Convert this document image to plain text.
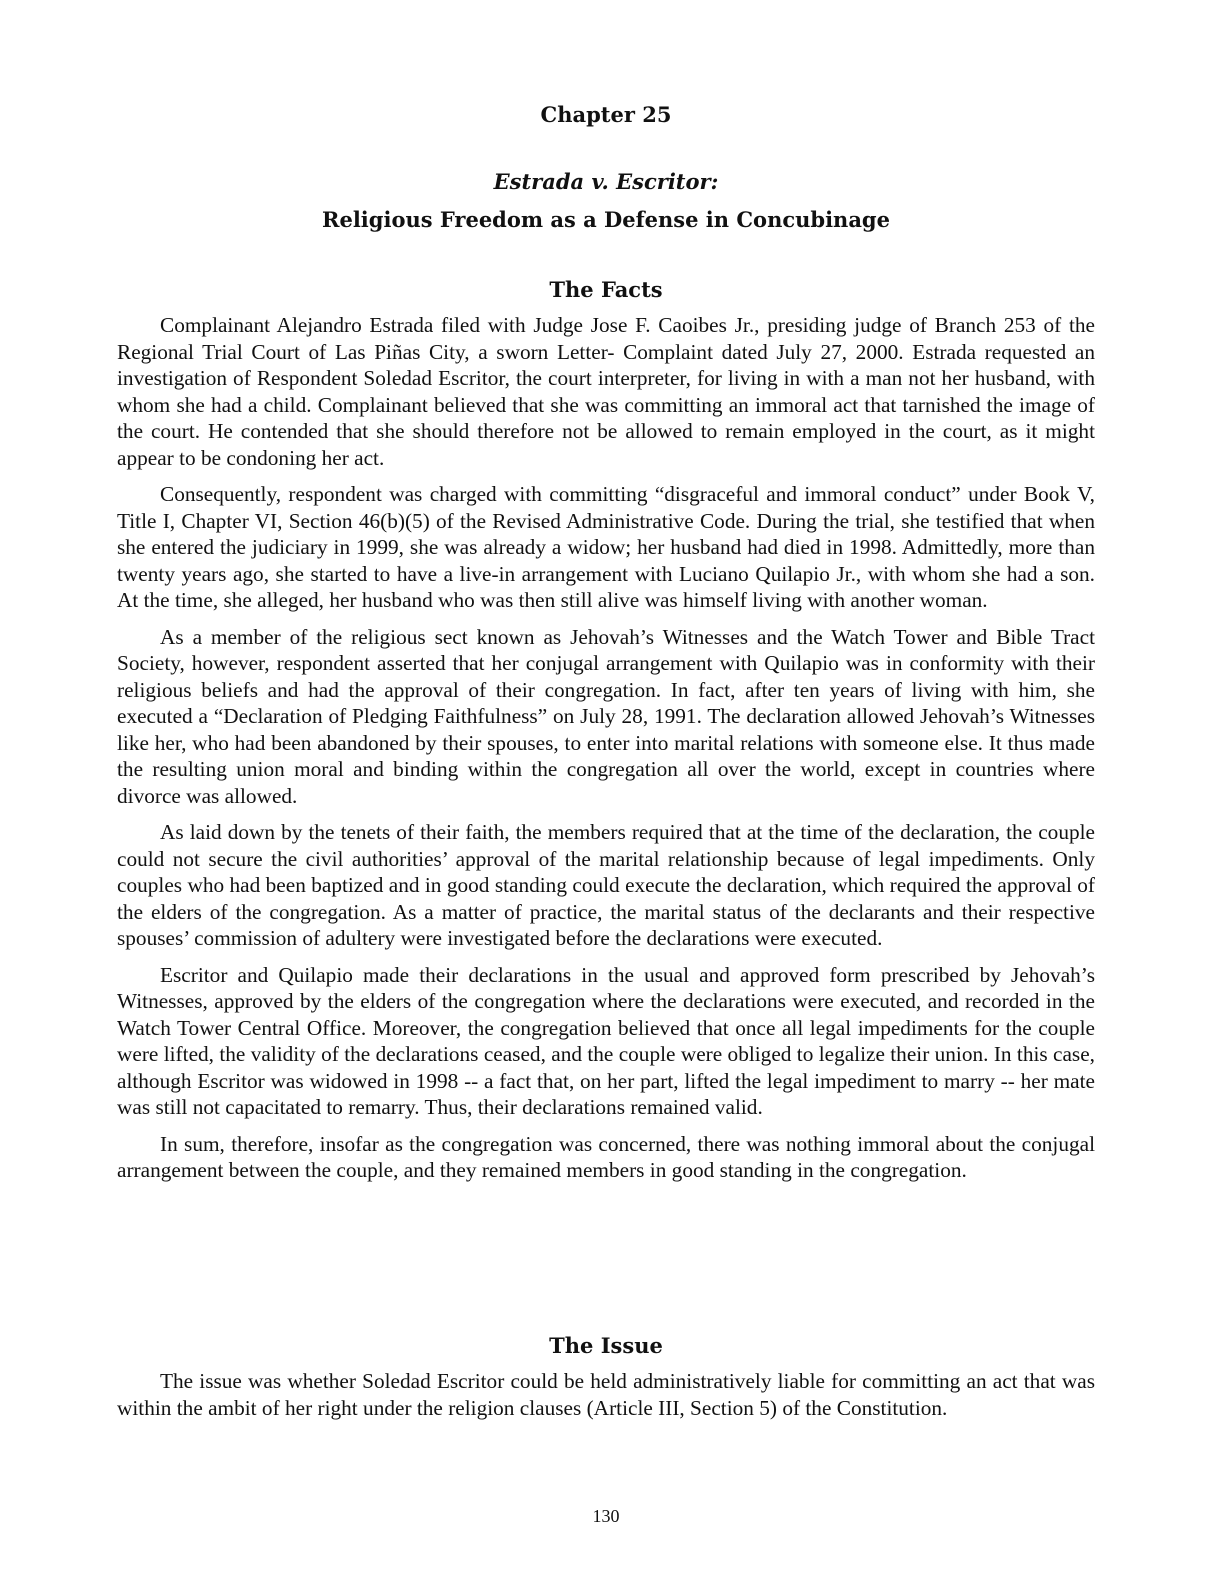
Chapter 25
Estrada v. Escritor:
Religious Freedom as a Defense in Concubinage
The Facts

Complainant Alejandro Estrada filed with Judge Jose F. Caoibes Jr., presiding judge of Branch 253 of the Regional Trial Court of Las Piñas City, a sworn Letter- Complaint dated July 27, 2000. Estrada requested an investigation of Respondent Soledad Escritor, the court interpreter, for living in with a man not her husband, with whom she had a child. Complainant believed that she was committing an immoral act that tarnished the image of the court. He contended that she should therefore not be allowed to remain employed in the court, as it might appear to be condoning her act.

Consequently, respondent was charged with committing “disgraceful and immoral conduct” under Book V, Title I, Chapter VI, Section 46(b)(5) of the Revised Administrative Code. During the trial, she testified that when she entered the judiciary in 1999, she was already a widow; her husband had died in 1998. Admittedly, more than twenty years ago, she started to have a live-in arrangement with Luciano Quilapio Jr., with whom she had a son. At the time, she alleged, her husband who was then still alive was himself living with another woman.

As a member of the religious sect known as Jehovah’s Witnesses and the Watch Tower and Bible Tract Society, however, respondent asserted that her conjugal arrangement with Quilapio was in conformity with their religious beliefs and had the approval of their congregation. In fact, after ten years of living with him, she executed a “Declaration of Pledging Faithfulness” on July 28, 1991. The declaration allowed Jehovah’s Witnesses like her, who had been abandoned by their spouses, to enter into marital relations with someone else. It thus made the resulting union moral and binding within the congregation all over the world, except in countries where divorce was allowed.

As laid down by the tenets of their faith, the members required that at the time of the declaration, the couple could not secure the civil authorities’ approval of the marital relationship because of legal impediments. Only couples who had been baptized and in good standing could execute the declaration, which required the approval of the elders of the congregation. As a matter of practice, the marital status of the declarants and their respective spouses’ commission of adultery were investigated before the declarations were executed.

Escritor and Quilapio made their declarations in the usual and approved form prescribed by Jehovah’s Witnesses, approved by the elders of the congregation where the declarations were executed, and recorded in the Watch Tower Central Office. Moreover, the congregation believed that once all legal impediments for the couple were lifted, the validity of the declarations ceased, and the couple were obliged to legalize their union. In this case, although Escritor was widowed in 1998 -- a fact that, on her part, lifted the legal impediment to marry -- her mate was still not capacitated to remarry. Thus, their declarations remained valid.

In sum, therefore, insofar as the congregation was concerned, there was nothing immoral about the conjugal arrangement between the couple, and they remained members in good standing in the congregation.

The Issue

The issue was whether Soledad Escritor could be held administratively liable for committing an act that was within the ambit of her right under the religion clauses (Article III, Section 5) of the Constitution.

130
